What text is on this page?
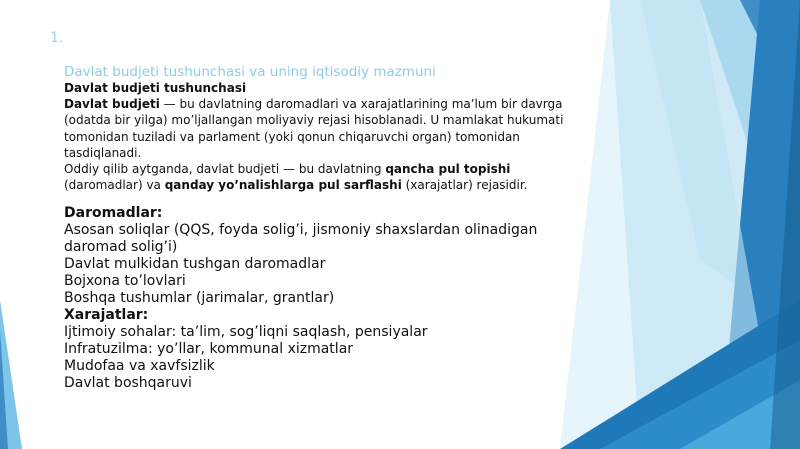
1.

Davlat budjeti tushunchasi va uning iqtisodiy mazmuni

Davlat budjeti tushunchasi

Davlat budjeti — bu davlatning daromadlari va xarajatlarining ma’lum bir davrga (odatda bir yilga) mo’ljallangan moliyaviy rejasi hisoblanadi. U mamlakat hukumati tomonidan tuziladi va parlament (yoki qonun chiqaruvchi organ) tomonidan tasdiqlanadi.

Oddiy qilib aytganda, davlat budjeti — bu davlatning qancha pul topishi (daromadlar) va qanday yo’nalishlarga pul sarflashi (xarajatlar) rejasidir.

Daromadlar:

Asosan soliqlar (QQS, foyda solig’i, jismoniy shaxslardan olinadigan daromad solig’i)

Davlat mulkidan tushgan daromadlar

Bojxona to’lovlari

Boshqa tushumlar (jarimalar, grantlar)

Xarajatlar:

Ijtimoiy sohalar: ta’lim, sog’liqni saqlash, pensiyalar

Infratuzilma: yo’llar, kommunal xizmatlar

Mudofaa va xavfsizlik

Davlat boshqaruvi
